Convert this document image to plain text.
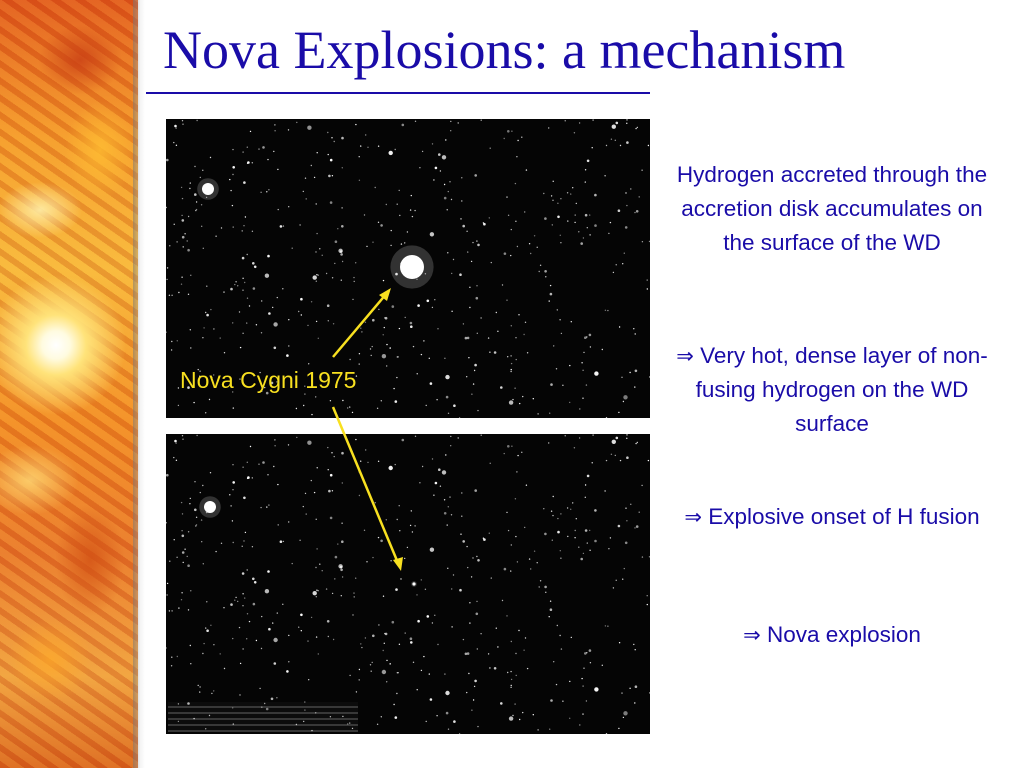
Nova Explosions: a mechanism

Nova Cygni 1975

Hydrogen accreted through the accretion disk accumulates on the surface of the WD

⇒ Very hot, dense layer of non-fusing hydrogen on the WD surface

⇒ Explosive onset of H fusion

⇒ Nova explosion
